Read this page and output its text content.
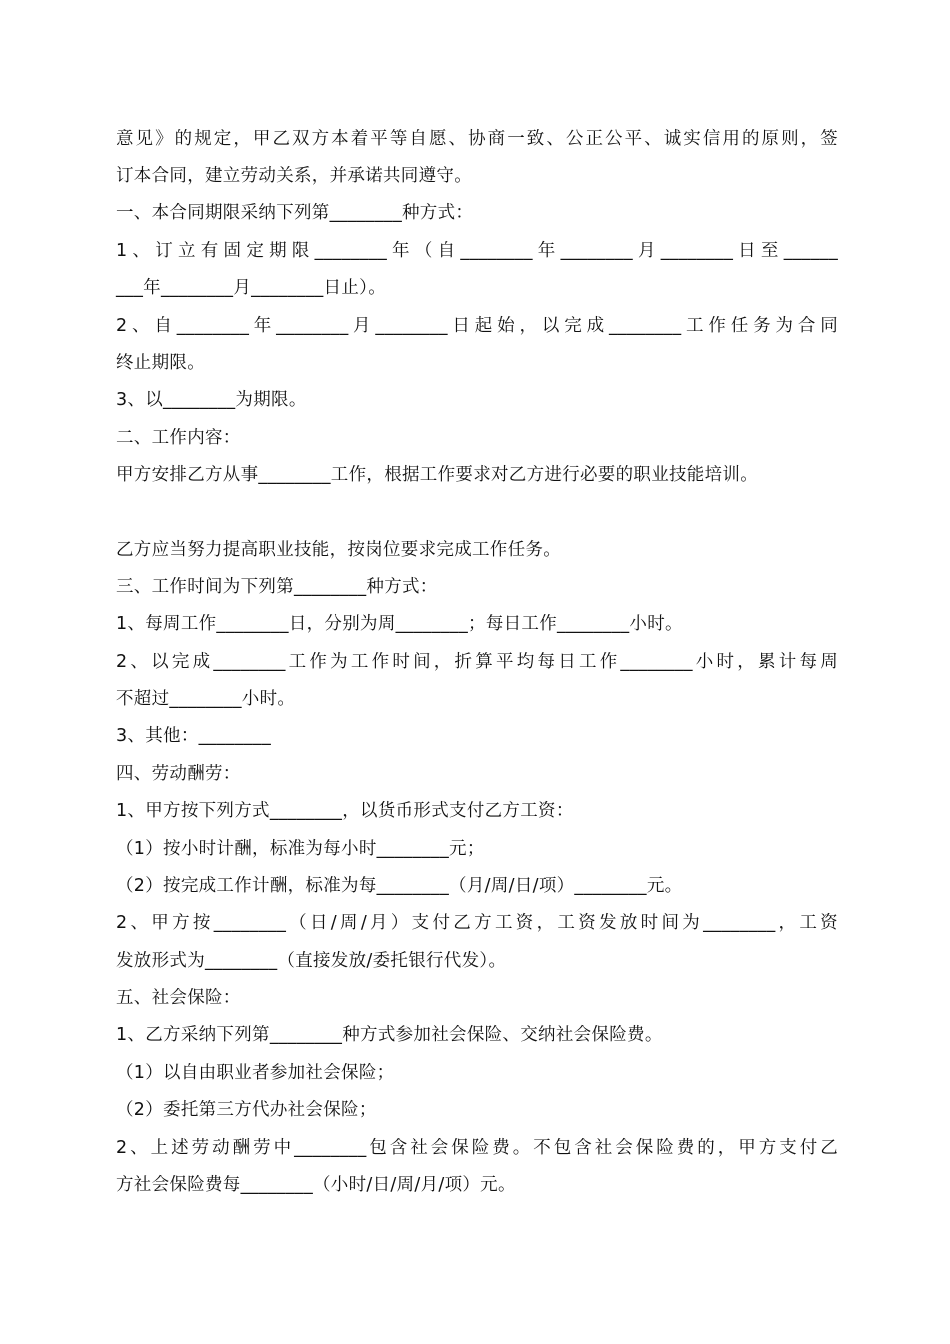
意见》的规定，甲乙双方本着平等自愿、协商一致、公正公平、诚实信用的原则，签
订本合同，建立劳动关系，并承诺共同遵守。
一、本合同期限采纳下列第________种方式：
1、订立有固定期限________年（自________年________月________日至______
___年________月________日止）。
2、自________年________月________日起始，以完成________工作任务为合同
终止期限。
3、以________为期限。
二、工作内容：
甲方安排乙方从事________工作，根据工作要求对乙方进行必要的职业技能培训。
乙方应当努力提高职业技能，按岗位要求完成工作任务。
三、工作时间为下列第________种方式：
1、每周工作________日，分别为周________；每日工作________小时。
2、以完成________工作为工作时间，折算平均每日工作________小时，累计每周
不超过________小时。
3、其他：________
四、劳动酬劳：
1、甲方按下列方式________，以货币形式支付乙方工资：
（1）按小时计酬，标准为每小时________元；
（2）按完成工作计酬，标准为每________（月/周/日/项）________元。
2、甲方按________（日/周/月）支付乙方工资，工资发放时间为________，工资
发放形式为________（直接发放/委托银行代发）。
五、社会保险：
1、乙方采纳下列第________种方式参加社会保险、交纳社会保险费。
（1）以自由职业者参加社会保险；
（2）委托第三方代办社会保险；
2、上述劳动酬劳中________包含社会保险费。不包含社会保险费的，甲方支付乙
方社会保险费每________（小时/日/周/月/项）元。
